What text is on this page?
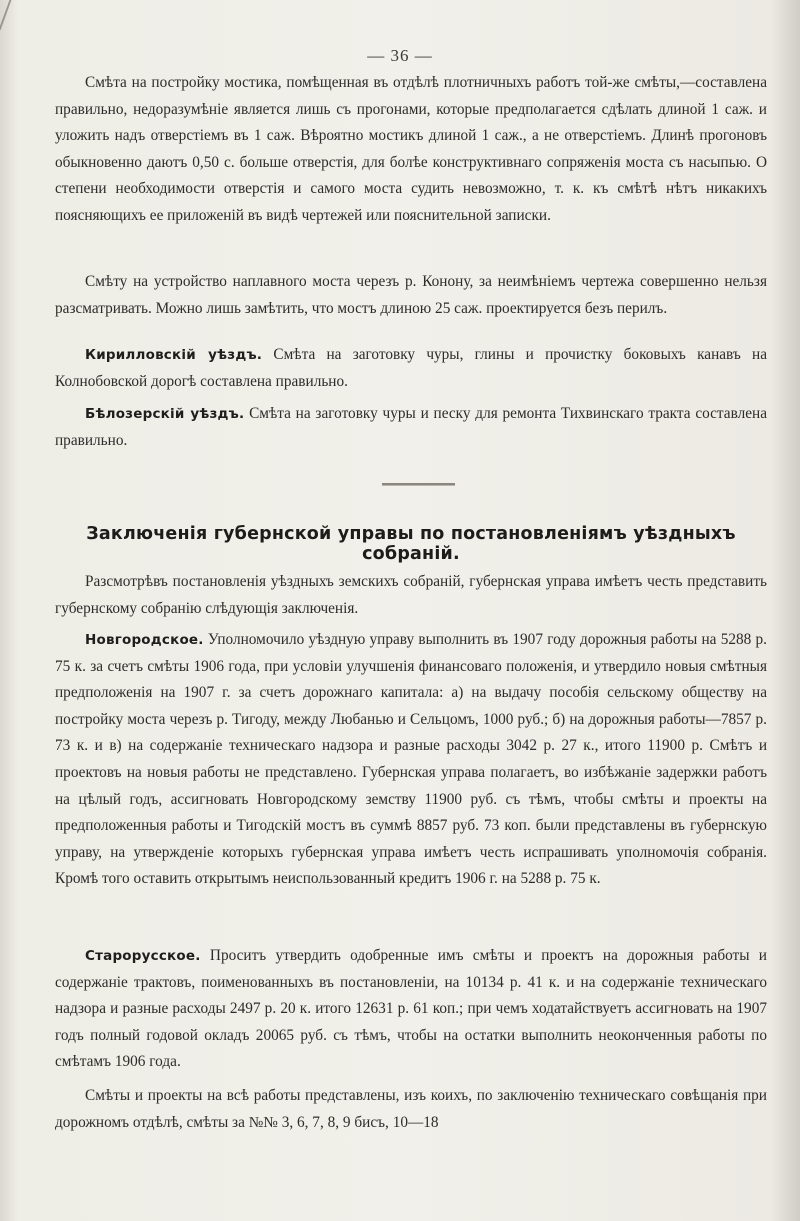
— 36 —

Смѣта на постройку мостика, помѣщенная въ отдѣлѣ плотничныхъ работъ той-же смѣты,—составлена правильно, недоразумѣніе является лишь съ прогонами, которые предполагается сдѣлать длиной 1 саж. и уложить надъ отверстіемъ въ 1 саж. Вѣроятно мостикъ длиной 1 саж., а не отверстіемъ. Длинѣ прогоновъ обыкновенно даютъ 0,50 с. больше отверстія, для болѣе конструктивнаго сопряженія моста съ насыпью. О степени необходимости отверстія и самого моста судить невозможно, т. к. къ смѣтѣ нѣтъ никакихъ поясняющихъ ее приложеній въ видѣ чертежей или пояснительной записки.

Смѣту на устройство наплавного моста черезъ р. Конону, за неимѣніемъ чертежа совершенно нельзя разсматривать. Можно лишь замѣтить, что мостъ длиною 25 саж. проектируется безъ перилъ.

Кирилловскій уѣздъ. Смѣта на заготовку чуры, глины и прочистку боковыхъ канавъ на Колнобовской дорогѣ составлена правильно.

Бѣлозерскій уѣздъ. Смѣта на заготовку чуры и песку для ремонта Тихвинскаго тракта составлена правильно.

Заключенія губернской управы по постановленіямъ уѣздныхъ собраній.

Разсмотрѣвъ постановленія уѣздныхъ земскихъ собраній, губернская управа имѣетъ честь представить губернскому собранію слѣдующія заключенія.

Новгородское. Уполномочило уѣздную управу выполнить въ 1907 году дорожныя работы на 5288 р. 75 к. за счетъ смѣты 1906 года, при условіи улучшенія финансоваго положенія, и утвердило новыя смѣтныя предположенія на 1907 г. за счетъ дорожнаго капитала: а) на выдачу пособія сельскому обществу на постройку моста черезъ р. Тигоду, между Любанью и Сельцомъ, 1000 руб.; б) на дорожныя работы—7857 р. 73 к. и в) на содержаніе техническаго надзора и разные расходы 3042 р. 27 к., итого 11900 р. Смѣтъ и проектовъ на новыя работы не представлено. Губернская управа полагаетъ, во избѣжаніе задержки работъ на цѣлый годъ, ассигновать Новгородскому земству 11900 руб. съ тѣмъ, чтобы смѣты и проекты на предположенныя работы и Тигодскій мостъ въ суммѣ 8857 руб. 73 коп. были представлены въ губернскую управу, на утвержденіе которыхъ губернская управа имѣетъ честь испрашивать уполномочія собранія. Кромѣ того оставить открытымъ неиспользованный кредитъ 1906 г. на 5288 р. 75 к.

Старорусское. Проситъ утвердить одобренные имъ смѣты и проектъ на дорожныя работы и содержаніе трактовъ, поименованныхъ въ постановленіи, на 10134 р. 41 к. и на содержаніе техническаго надзора и разные расходы 2497 р. 20 к. итого 12631 р. 61 коп.; при чемъ ходатайствуетъ ассигновать на 1907 годъ полный годовой окладъ 20065 руб. съ тѣмъ, чтобы на остатки выполнить неоконченныя работы по смѣтамъ 1906 года.

Смѣты и проекты на всѣ работы представлены, изъ коихъ, по заключенію техническаго совѣщанія при дорожномъ отдѣлѣ, смѣты за №№ 3, 6, 7, 8, 9 бисъ, 10—18
